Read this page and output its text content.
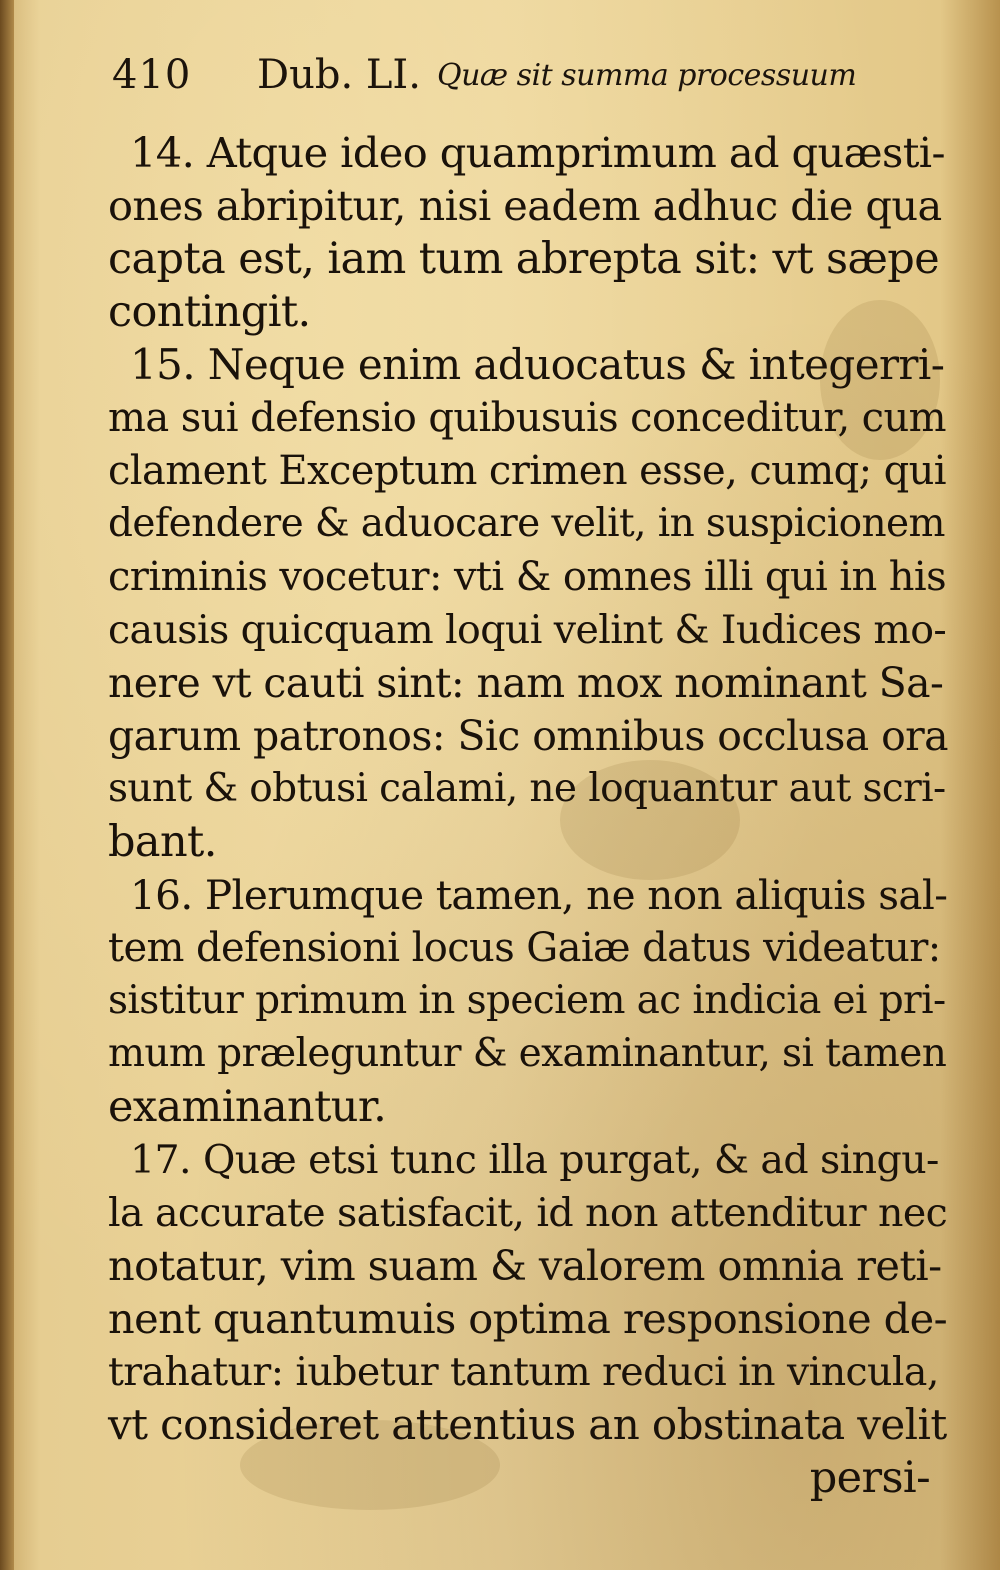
410 Dub. LI. Quæ sit summa processuum
14. Atque ideo quamprimum ad quæsti-
ones abripitur, nisi eadem adhuc die qua
capta est, iam tum abrepta sit: vt sæpe
contingit.
15. Neque enim aduocatus & integerri-
ma sui defensio quibusuis conceditur, cum
clament Exceptum crimen esse, cumq; qui
defendere & aduocare velit, in suspicionem
criminis vocetur: vti & omnes illi qui in his
causis quicquam loqui velint & Iudices mo-
nere vt cauti sint: nam mox nominant Sa-
garum patronos: Sic omnibus occlusa ora
sunt & obtusi calami, ne loquantur aut scri-
bant.
16. Plerumque tamen, ne non aliquis sal-
tem defensioni locus Gaiæ datus videatur:
sistitur primum in speciem ac indicia ei pri-
mum præleguntur & examinantur, si tamen
examinantur.
17. Quæ etsi tunc illa purgat, & ad singu-
la accurate satisfacit, id non attenditur nec
notatur, vim suam & valorem omnia reti-
nent quantumuis optima responsione de-
trahatur: iubetur tantum reduci in vincula,
vt consideret attentius an obstinata velit
persi-
